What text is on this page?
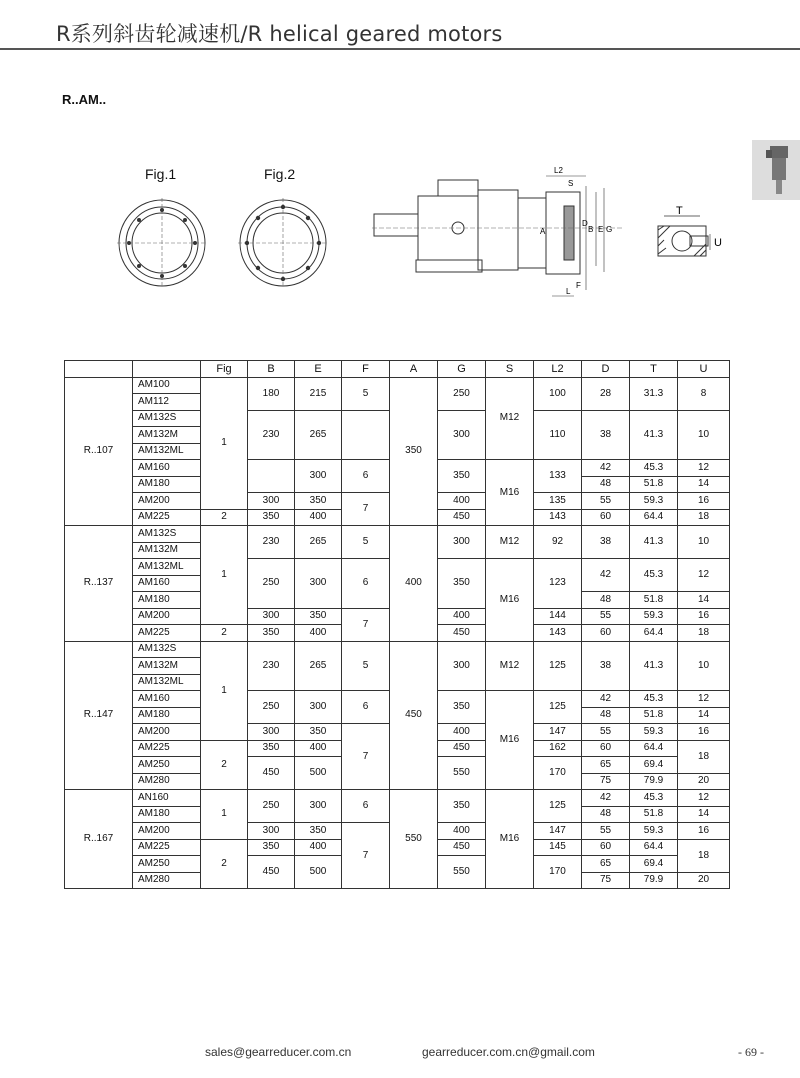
R系列斜齿轮减速机/R helical geared motors
R..AM..
Fig.1	Fig.2	L2
S
A
D
B E G
F
L
T
U
		Fig	B	E	F	A	G	S	L2	D	T	U
R..107	AM100	1	180	215	5	350	250	M12	100	28	31.3	8
	AM112											
	AM132S		230	265			300		110	38	41.3	10
	AM132M											
	AM132ML											
	AM160			300	6		350	M16	133	42	45.3	12
	AM180									48	51.8	14
	AM200		300	350	7		400		135	55	59.3	16
	AM225	2	350	400			450		143	60	64.4	18
R..137	AM132S	1	230	265	5	400	300	M12	92	38	41.3	10
	AM132M											
	AM132ML		250	300	6		350	M16	123	42	45.3	12
	AM160											
	AM180									48	51.8	14
	AM200		300	350	7		400		144	55	59.3	16
	AM225	2	350	400			450		143	60	64.4	18
R..147	AM132S	1	230	265	5	450	300	M12	125	38	41.3	10
	AM132M											
	AM132ML											
	AM160		250	300	6		350	M16	125	42	45.3	12
	AM180									48	51.8	14
	AM200		300	350	7		400		147	55	59.3	16
	AM225	2	350	400			450		162	60	64.4	18
	AM250		450	500			550		170	65	69.4	
	AM280									75	79.9	20
R..167	AN160	1	250	300	6	550	350	M16	125	42	45.3	12
	AM180									48	51.8	14
	AM200		300	350	7		400		147	55	59.3	16
	AM225	2	350	400			450		145	60	64.4	18
	AM250		450	500			550		170	65	69.4	
	AM280									75	79.9	20
sales@gearreducer.com.cn	gearreducer.com.cn@gmail.com	- 69 -
